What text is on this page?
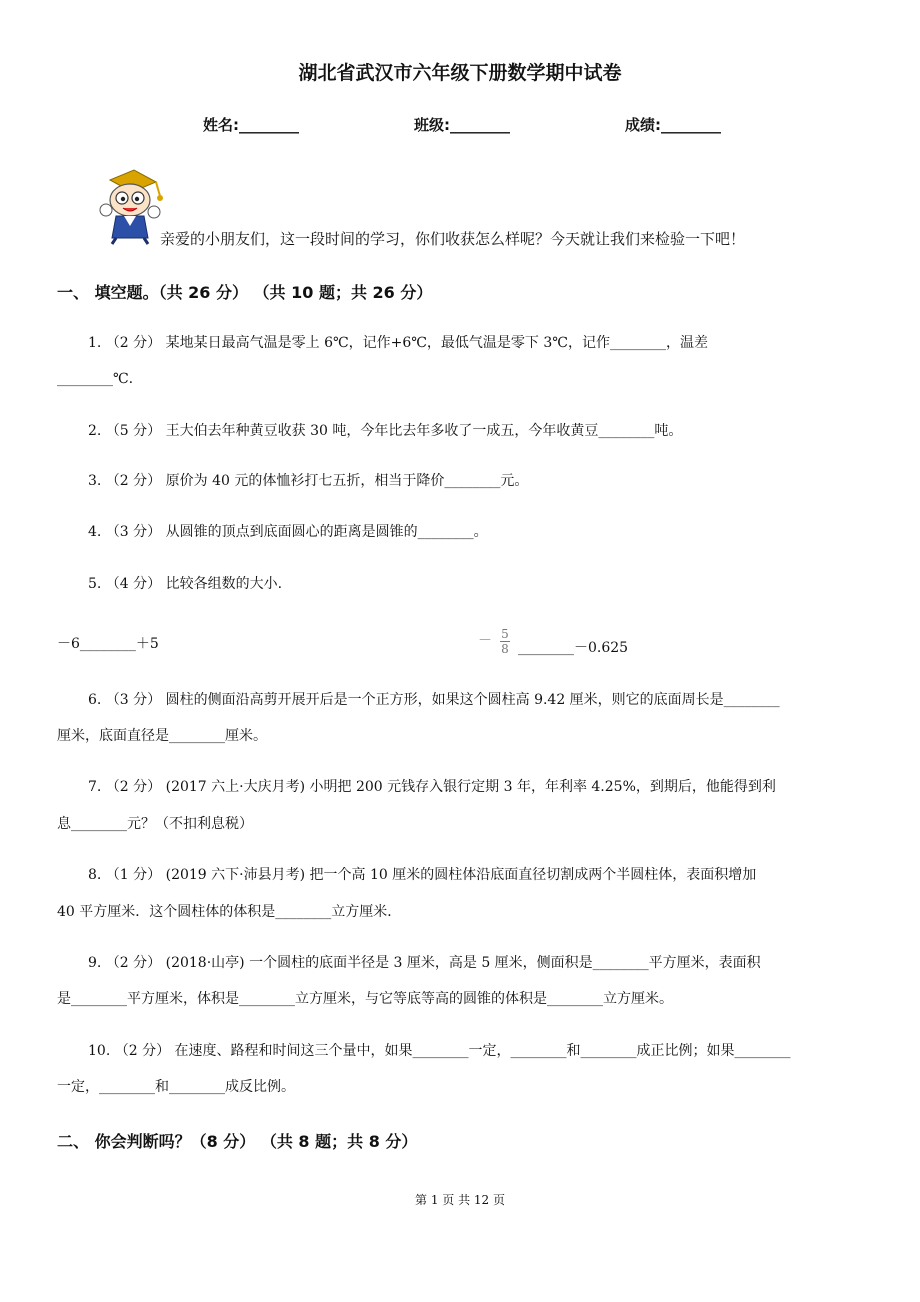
湖北省武汉市六年级下册数学期中试卷
姓名:________	班级:________	成绩:________
亲爱的小朋友们，这一段时间的学习，你们收获怎么样呢？今天就让我们来检验一下吧！
一、 填空题。（共 26 分） （共 10 题；共 26 分）
1. （2 分） 某地某日最高气温是零上 6℃，记作+6℃，最低气温是零下 3℃，记作________，温差
________℃.
2. （5 分） 王大伯去年种黄豆收获 30 吨，今年比去年多收了一成五，今年收黄豆________吨。
3. （2 分） 原价为 40 元的体恤衫打七五折，相当于降价________元。
4. （3 分） 从圆锥的顶点到底面圆心的距离是圆锥的________。
5. （4 分） 比较各组数的大小.
－6________＋5	－ $\frac{5}{8}$ ________－0.625
6. （3 分） 圆柱的侧面沿高剪开展开后是一个正方形，如果这个圆柱高 9.42 厘米，则它的底面周长是________
厘米，底面直径是________厘米。
7. （2 分） (2017 六上·大庆月考) 小明把 200 元钱存入银行定期 3 年，年利率 4.25%，到期后，他能得到利
息________元？（不扣利息税）
8. （1 分） (2019 六下·沛县月考) 把一个高 10 厘米的圆柱体沿底面直径切割成两个半圆柱体，表面积增加
40 平方厘米．这个圆柱体的体积是________立方厘米．
9. （2 分） (2018·山亭) 一个圆柱的底面半径是 3 厘米，高是 5 厘米，侧面积是________平方厘米，表面积
是________平方厘米，体积是________立方厘米，与它等底等高的圆锥的体积是________立方厘米。
10. （2 分） 在速度、路程和时间这三个量中，如果________一定，________和________成正比例；如果________
一定，________和________成反比例。
二、 你会判断吗？（8 分） （共 8 题；共 8 分）
第 1 页 共 12 页
